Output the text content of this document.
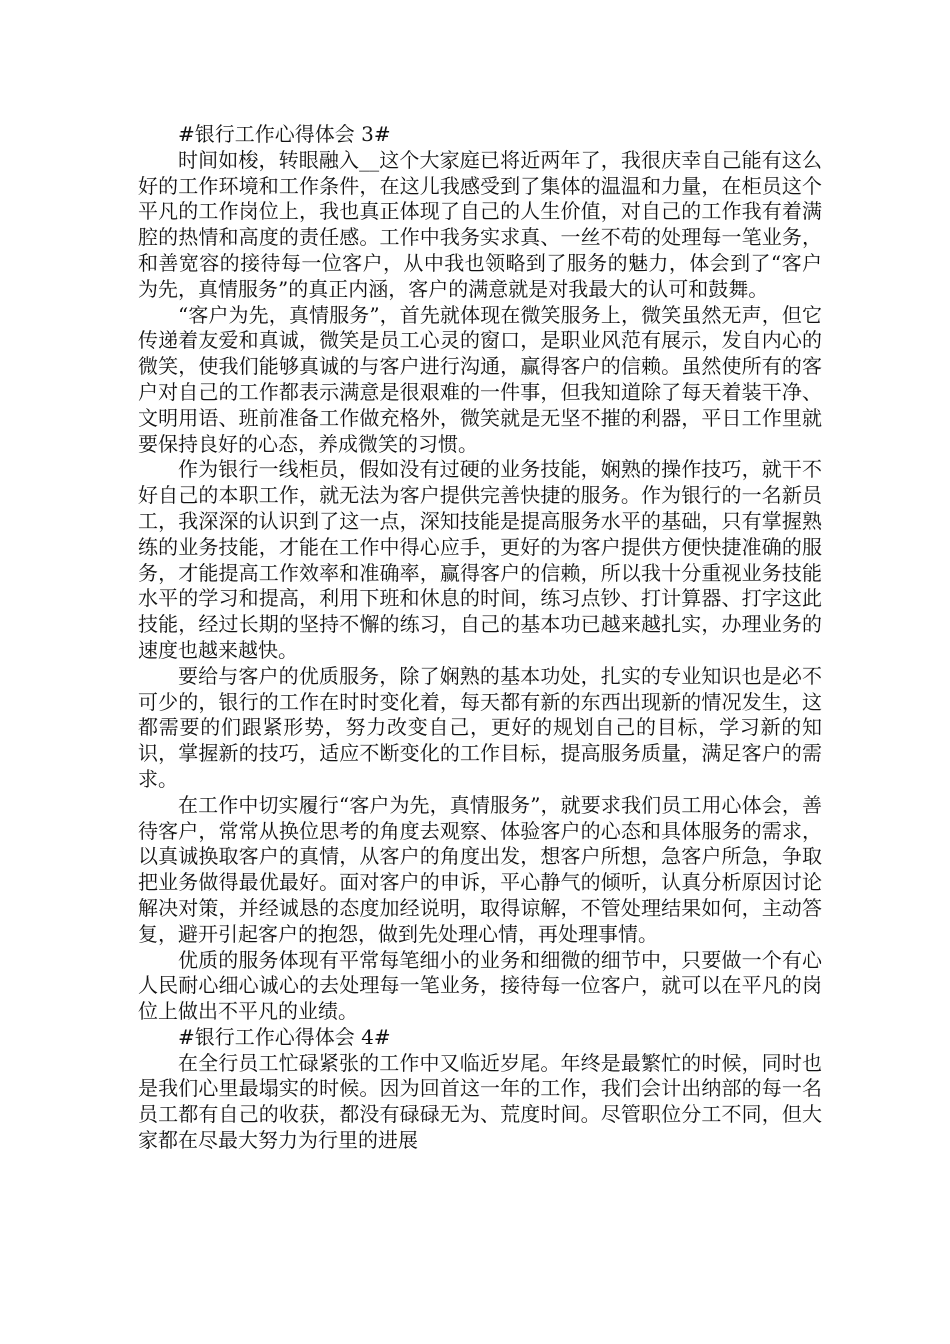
#银行工作心得体会 3#

时间如梭，转眼融入__这个大家庭已将近两年了，我很庆幸自己能有这么好的工作环境和工作条件，在这儿我感受到了集体的温温和力量，在柜员这个平凡的工作岗位上，我也真正体现了自己的人生价值，对自己的工作我有着满腔的热情和高度的责任感。工作中我务实求真、一丝不苟的处理每一笔业务，和善宽容的接待每一位客户，从中我也领略到了服务的魅力，体会到了“客户为先，真情服务”的真正内涵，客户的满意就是对我最大的认可和鼓舞。

“客户为先，真情服务”，首先就体现在微笑服务上，微笑虽然无声，但它传递着友爱和真诚，微笑是员工心灵的窗口，是职业风范有展示，发自内心的微笑，使我们能够真诚的与客户进行沟通，赢得客户的信赖。虽然使所有的客户对自己的工作都表示满意是很艰难的一件事，但我知道除了每天着装干净、文明用语、班前准备工作做充格外，微笑就是无坚不摧的利器，平日工作里就要保持良好的心态，养成微笑的习惯。

作为银行一线柜员，假如没有过硬的业务技能，娴熟的操作技巧，就干不好自己的本职工作，就无法为客户提供完善快捷的服务。作为银行的一名新员工，我深深的认识到了这一点，深知技能是提高服务水平的基础，只有掌握熟练的业务技能，才能在工作中得心应手，更好的为客户提供方便快捷准确的服务，才能提高工作效率和准确率，赢得客户的信赖，所以我十分重视业务技能水平的学习和提高，利用下班和休息的时间，练习点钞、打计算器、打字这此技能，经过长期的坚持不懈的练习，自己的基本功已越来越扎实，办理业务的速度也越来越快。

要给与客户的优质服务，除了娴熟的基本功处，扎实的专业知识也是必不可少的，银行的工作在时时变化着，每天都有新的东西出现新的情况发生，这都需要的们跟紧形势，努力改变自己，更好的规划自己的目标，学习新的知识，掌握新的技巧，适应不断变化的工作目标，提高服务质量，满足客户的需求。

在工作中切实履行“客户为先，真情服务”，就要求我们员工用心体会，善待客户，常常从换位思考的角度去观察、体验客户的心态和具体服务的需求，以真诚换取客户的真情，从客户的角度出发，想客户所想，急客户所急，争取把业务做得最优最好。面对客户的申诉，平心静气的倾听，认真分析原因讨论解决对策，并经诚恳的态度加经说明，取得谅解，不管处理结果如何，主动答复，避开引起客户的抱怨，做到先处理心情，再处理事情。

优质的服务体现有平常每笔细小的业务和细微的细节中，只要做一个有心人民耐心细心诚心的去处理每一笔业务，接待每一位客户，就可以在平凡的岗位上做出不平凡的业绩。

#银行工作心得体会 4#

在全行员工忙碌紧张的工作中又临近岁尾。年终是最繁忙的时候，同时也是我们心里最塌实的时候。因为回首这一年的工作，我们会计出纳部的每一名员工都有自己的收获，都没有碌碌无为、荒度时间。尽管职位分工不同，但大家都在尽最大努力为行里的进展
